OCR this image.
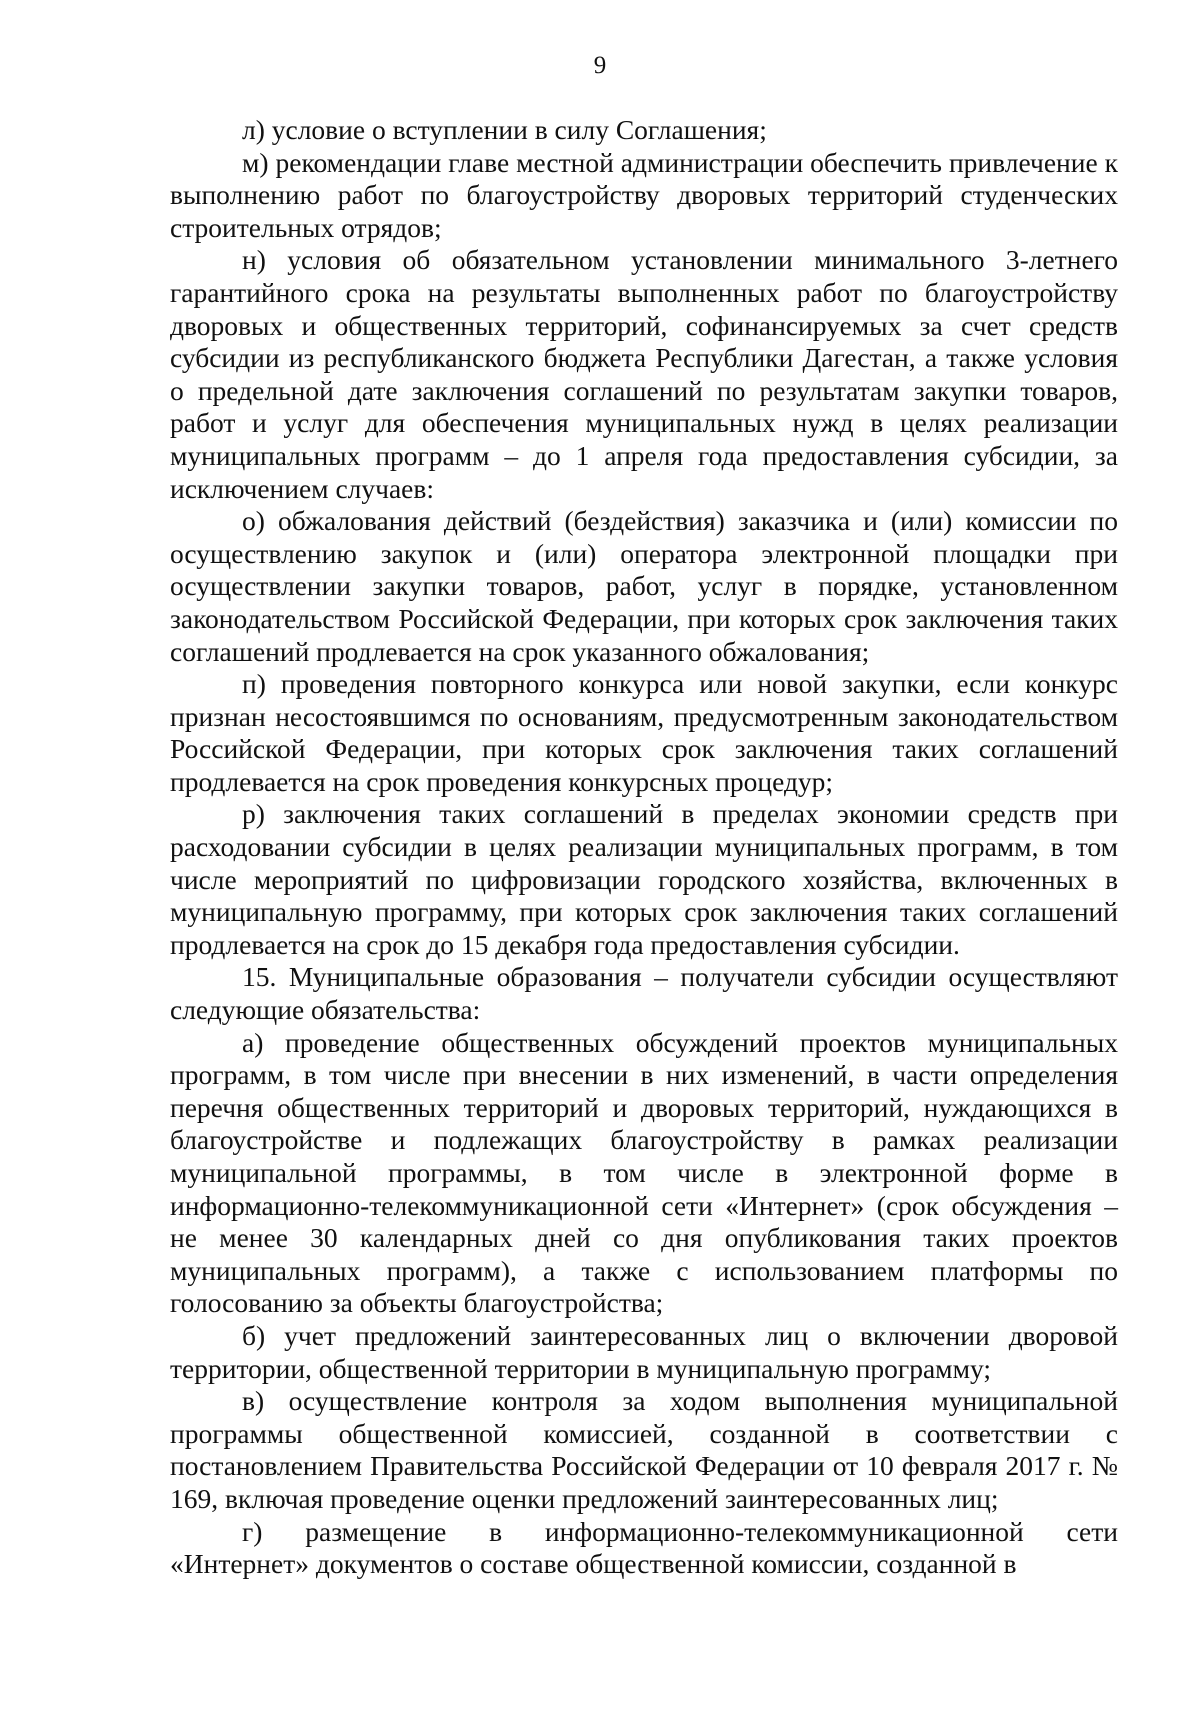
9

л) условие о вступлении в силу Соглашения;

м) рекомендации главе местной администрации обеспечить привлечение к выполнению работ по благоустройству дворовых территорий студенческих строительных отрядов;

н) условия об обязательном установлении минимального 3-летнего гарантийного срока на результаты выполненных работ по благоустройству дворовых и общественных территорий, софинансируемых за счет средств субсидии из республиканского бюджета Республики Дагестан, а также условия о предельной дате заключения соглашений по результатам закупки товаров, работ и услуг для обеспечения муниципальных нужд в целях реализации муниципальных программ – до 1 апреля года предоставления субсидии, за исключением случаев:

о) обжалования действий (бездействия) заказчика и (или) комиссии по осуществлению закупок и (или) оператора электронной площадки при осуществлении закупки товаров, работ, услуг в порядке, установленном законодательством Российской Федерации, при которых срок заключения таких соглашений продлевается на срок указанного обжалования;

п) проведения повторного конкурса или новой закупки, если конкурс признан несостоявшимся по основаниям, предусмотренным законодательством Российской Федерации, при которых срок заключения таких соглашений продлевается на срок проведения конкурсных процедур;

р) заключения таких соглашений в пределах экономии средств при расходовании субсидии в целях реализации муниципальных программ, в том числе мероприятий по цифровизации городского хозяйства, включенных в муниципальную программу, при которых срок заключения таких соглашений продлевается на срок до 15 декабря года предоставления субсидии.

15. Муниципальные образования – получатели субсидии осуществляют следующие обязательства:

а) проведение общественных обсуждений проектов муниципальных программ, в том числе при внесении в них изменений, в части определения перечня общественных территорий и дворовых территорий, нуждающихся в благоустройстве и подлежащих благоустройству в рамках реализации муниципальной программы, в том числе в электронной форме в информационно-телекоммуникационной сети «Интернет» (срок обсуждения – не менее 30 календарных дней со дня опубликования таких проектов муниципальных программ), а также с использованием платформы по голосованию за объекты благоустройства;

б) учет предложений заинтересованных лиц о включении дворовой территории, общественной территории в муниципальную программу;

в) осуществление контроля за ходом выполнения муниципальной программы общественной комиссией, созданной в соответствии с постановлением Правительства Российской Федерации от 10 февраля 2017 г. № 169, включая проведение оценки предложений заинтересованных лиц;

г) размещение в информационно-телекоммуникационной сети «Интернет» документов о составе общественной комиссии, созданной в
